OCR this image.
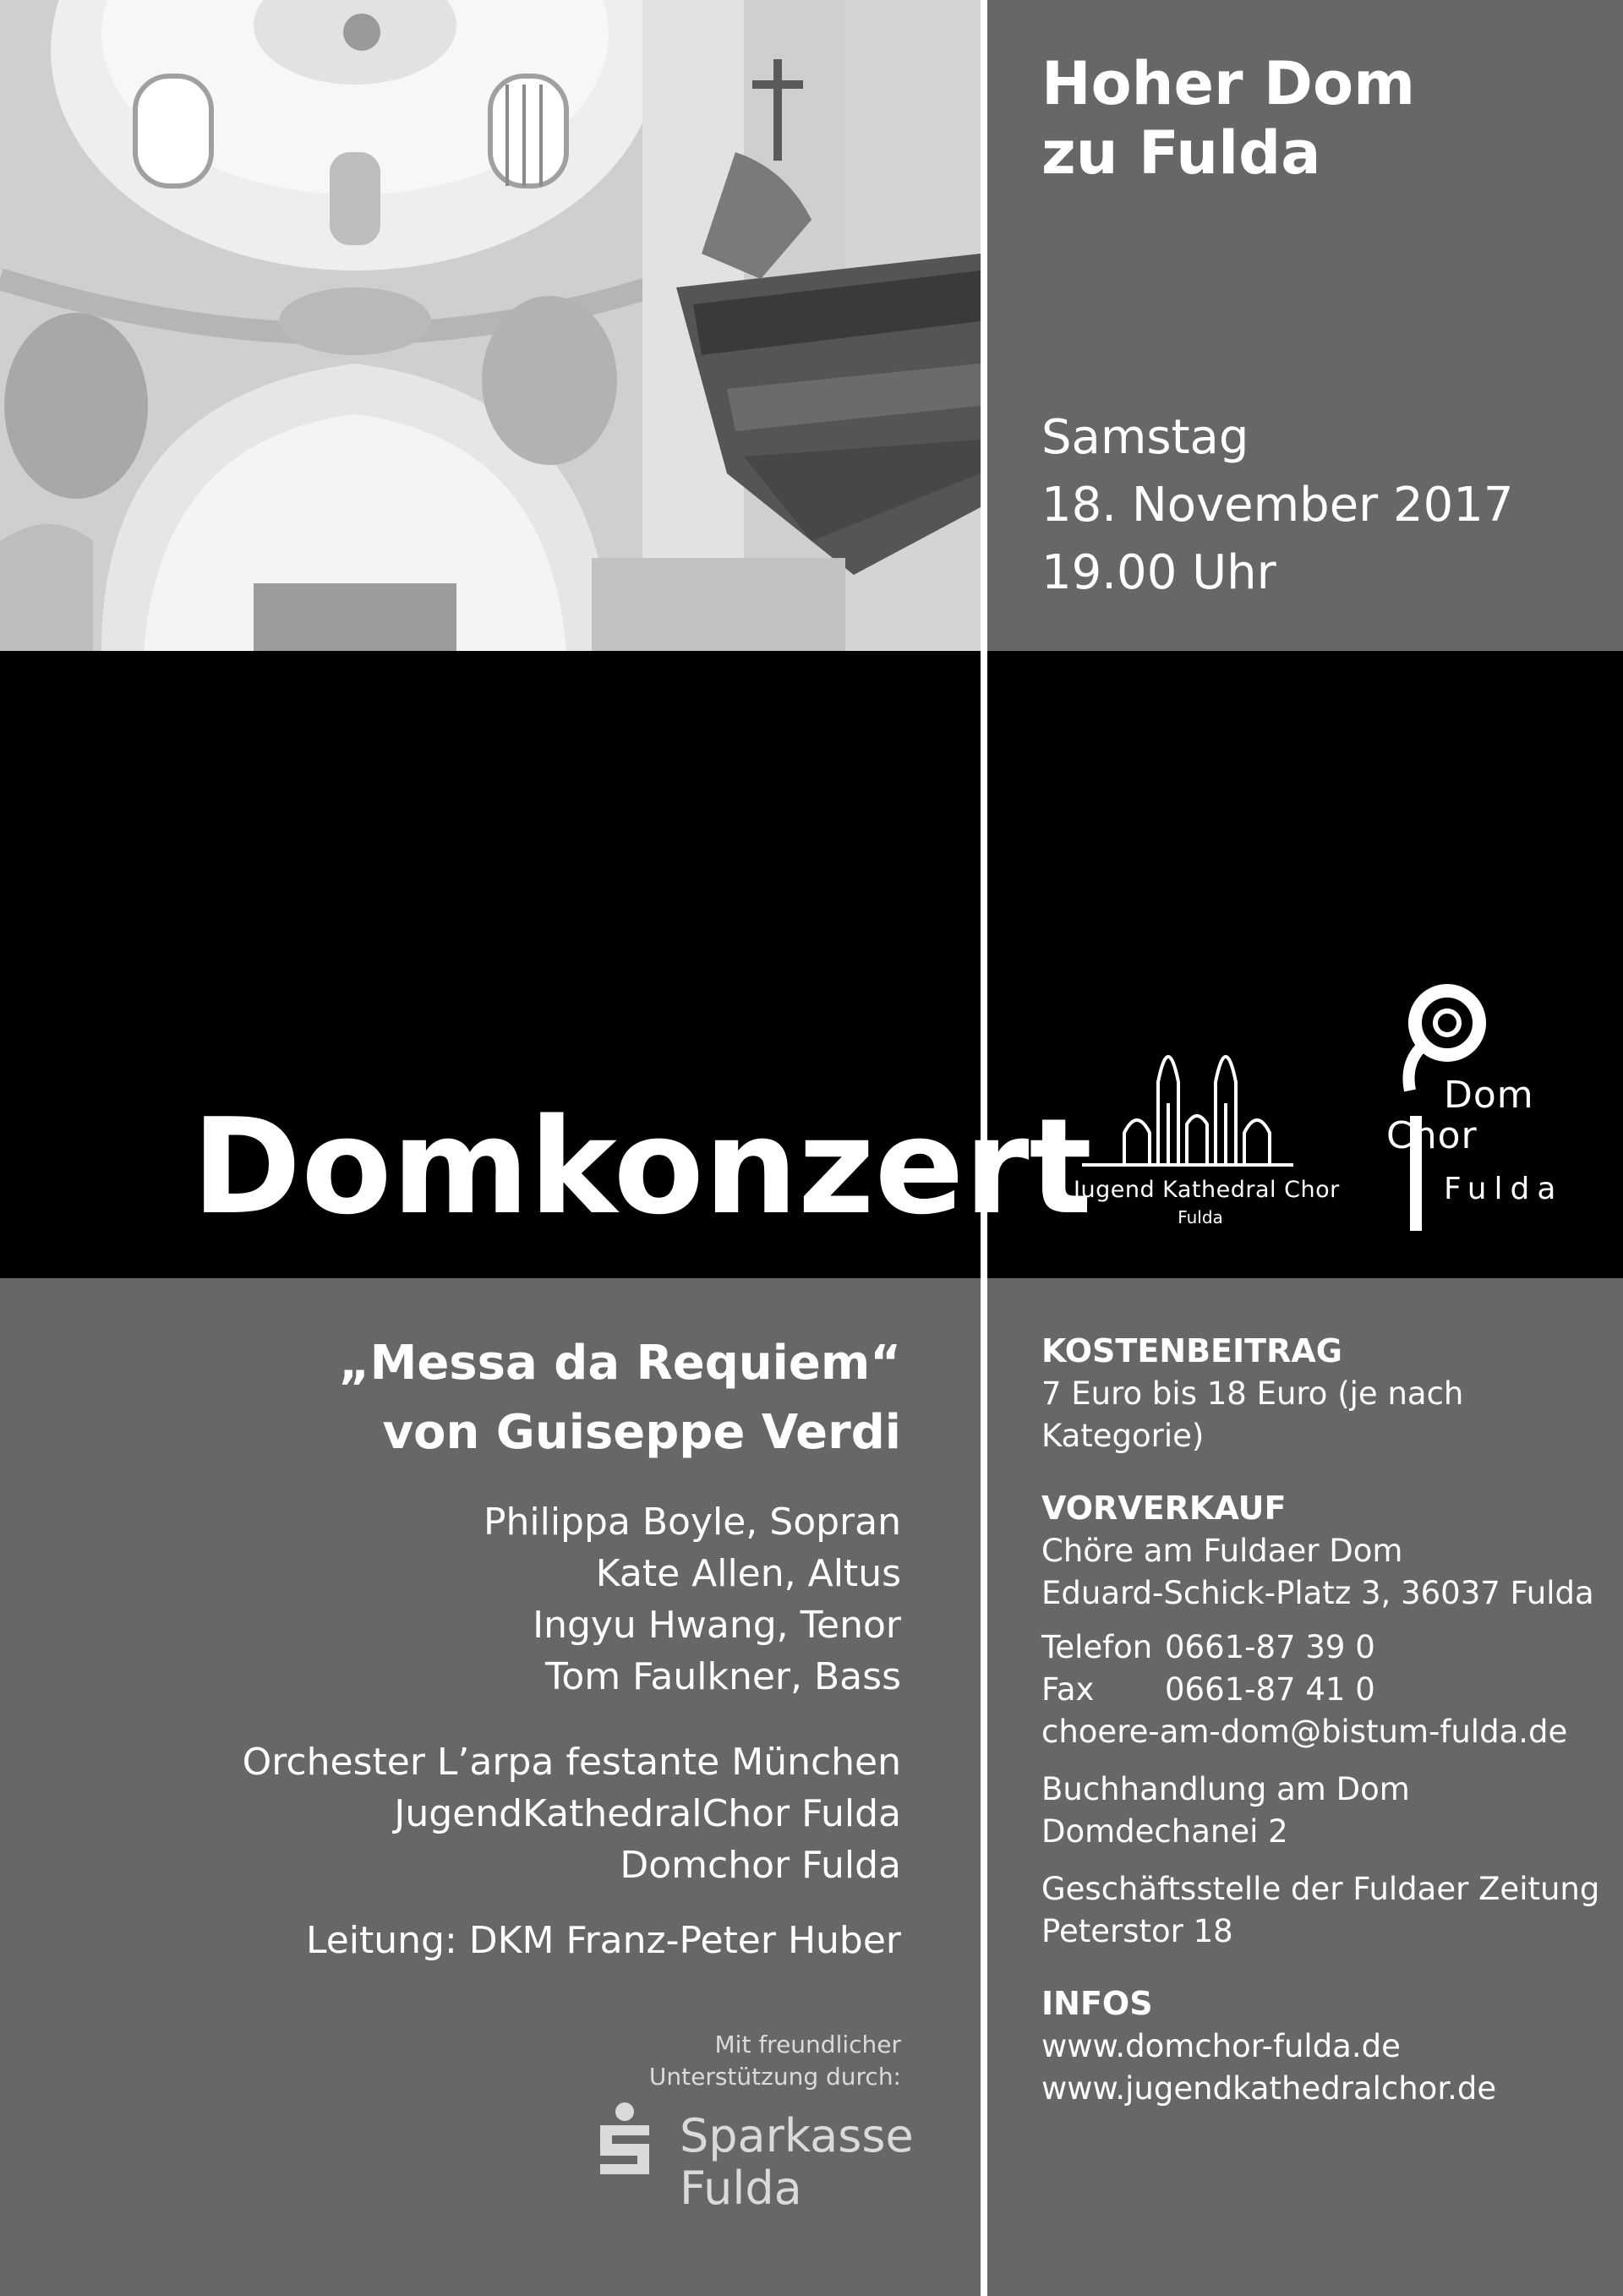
Hoher Dom
zu Fulda
Samstag
18. November 2017
19.00 Uhr
Domkonzert
Jugend Kathedral Chor
Fulda
Dom
Chor
Fulda
„Messa da Requiem“
von Guiseppe Verdi
Philippa Boyle, Sopran
Kate Allen, Altus
Ingyu Hwang, Tenor
Tom Faulkner, Bass
Orchester L’arpa festante München
JugendKathedralChor Fulda
Domchor Fulda
Leitung: DKM Franz-Peter Huber
Mit freundlicher
Unterstützung durch:
Sparkasse
Fulda
KOSTENBEITRAG
7 Euro bis 18 Euro (je nach Kategorie)
VORVERKAUF
Chöre am Fuldaer Dom
Eduard-Schick-Platz 3, 36037 Fulda
Telefon 0661-87 39 0
Fax 0661-87 41 0
choere-am-dom@bistum-fulda.de
Buchhandlung am Dom
Domdechanei 2
Geschäftsstelle der Fuldaer Zeitung
Peterstor 18
INFOS
www.domchor-fulda.de
www.jugendkathedralchor.de
